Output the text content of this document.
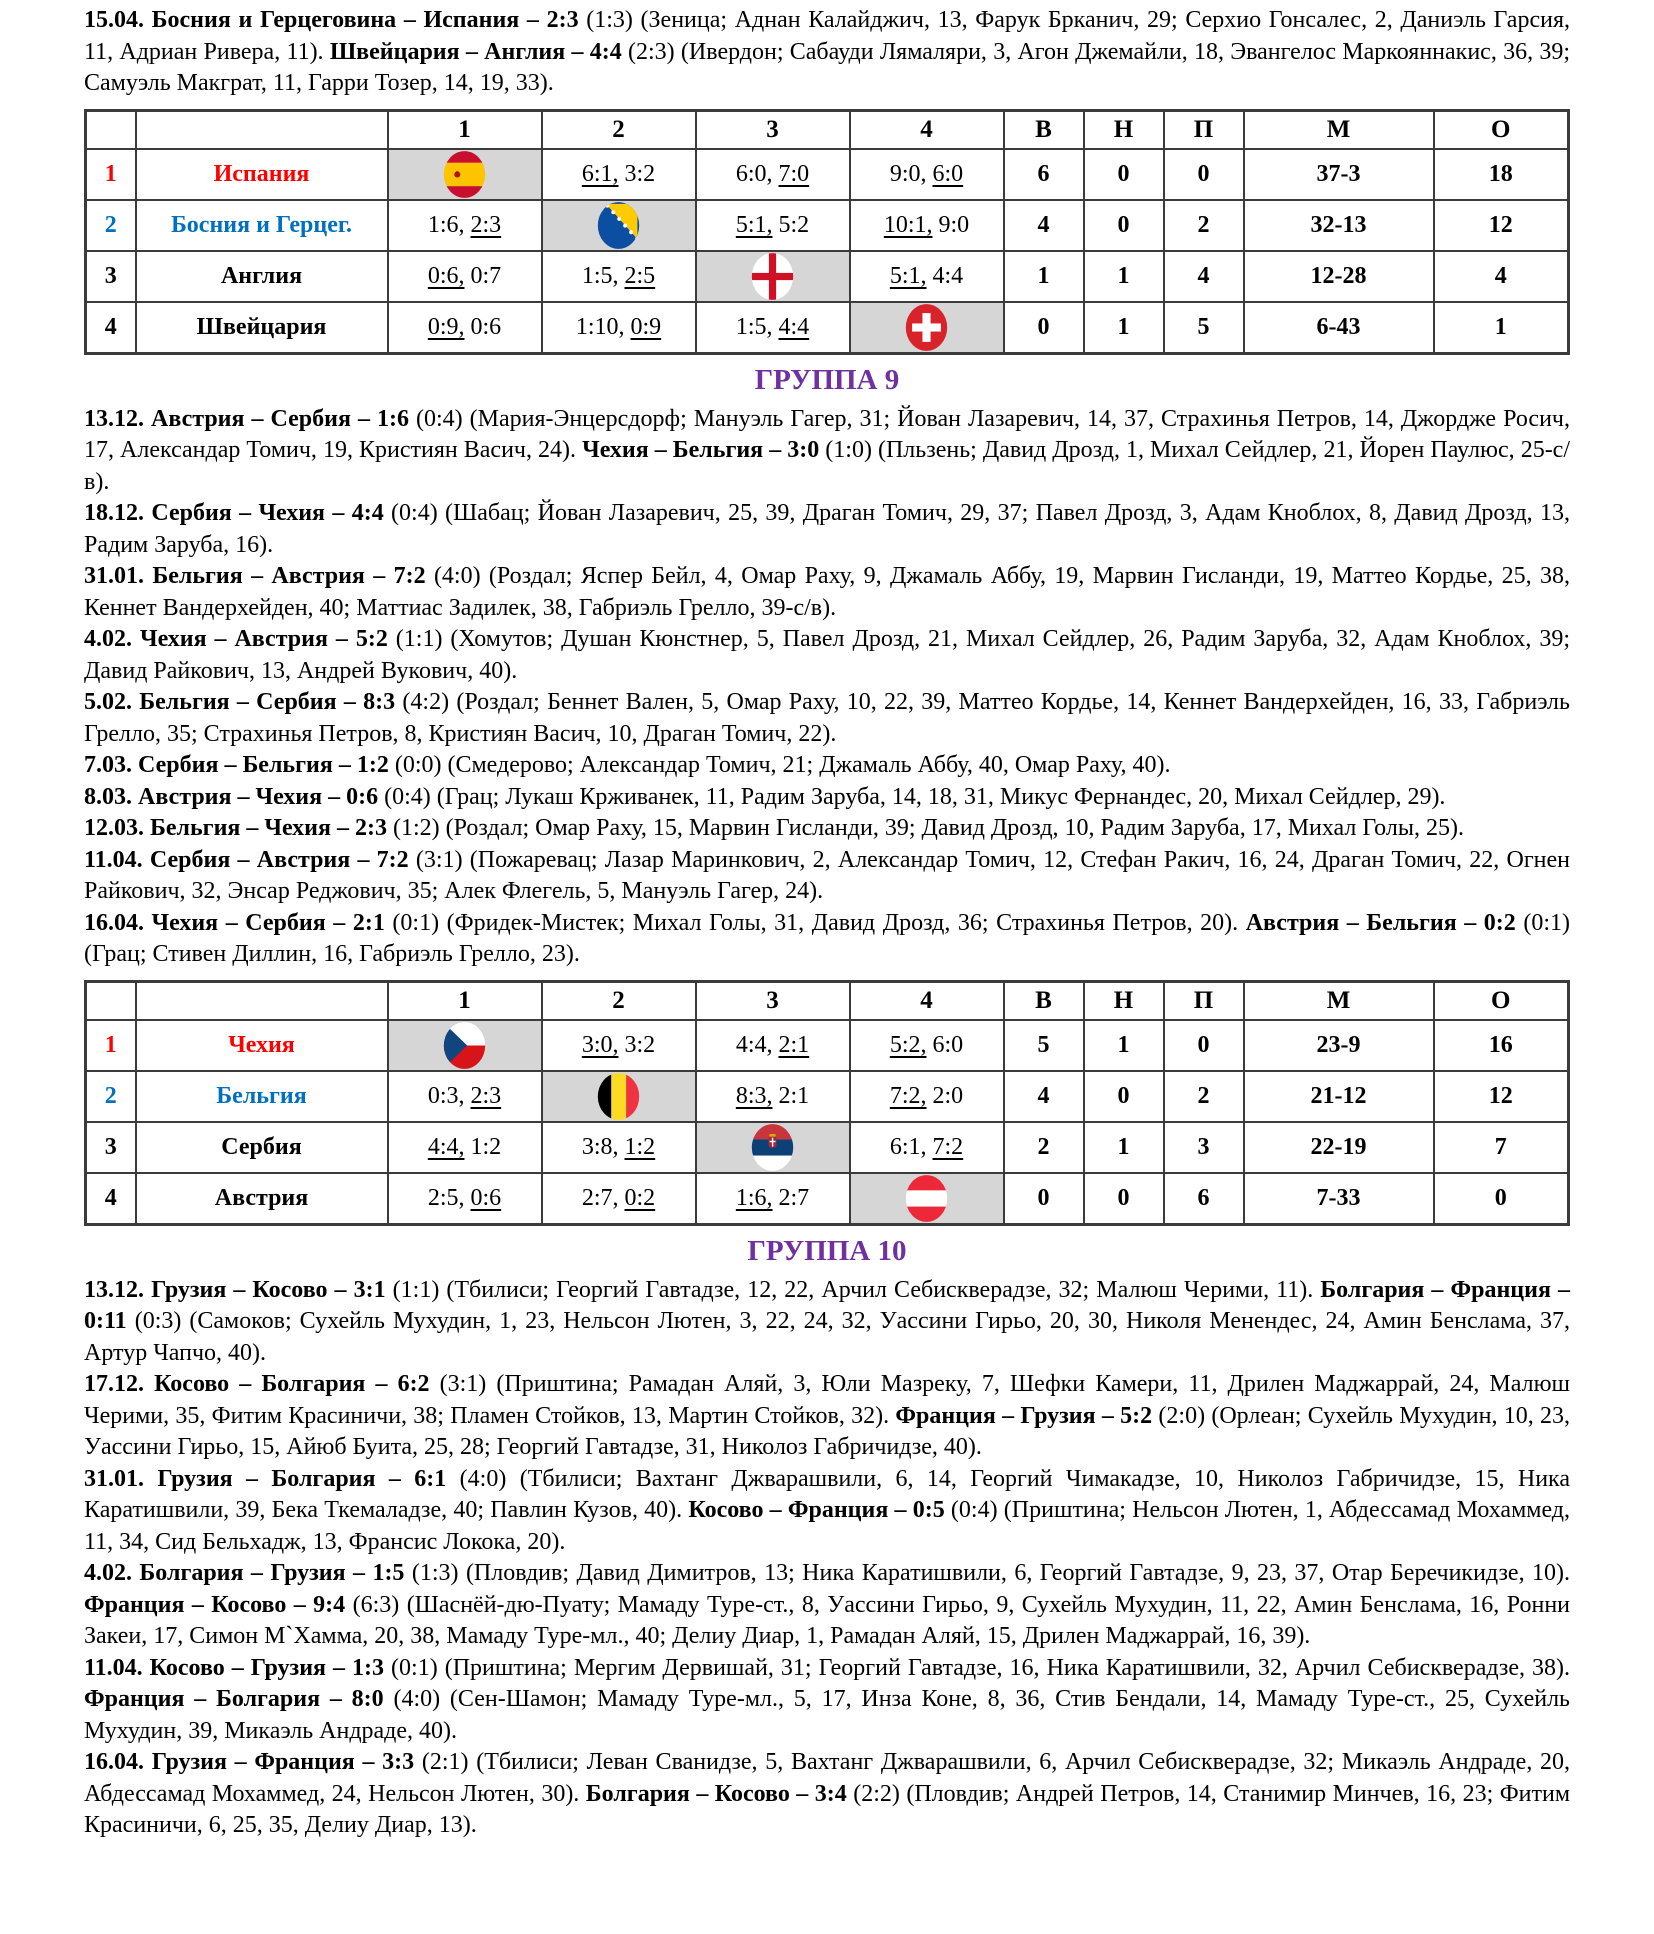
15.04. Босния и Герцеговина – Испания – 2:3 (1:3) (Зеница; Аднан Калайджич, 13, Фарук Брканич, 29; Серхио Гонсалес, 2, Даниэль Гарсия, 11, Адриан Ривера, 11). Швейцария – Англия – 4:4 (2:3) (Ивердон; Сабауди Лямаляри, 3, Агон Джемайли, 18, Эвангелос Маркояннакис, 36, 39; Самуэль Макграт, 11, Гарри Тозер, 14, 19, 33).

		1	2	3	4	В	Н	П	М	О
1	Испания		6:1, 3:2	6:0, 7:0	9:0, 6:0	6	0	0	37-3	18
2	Босния и Герцег.	1:6, 2:3		5:1, 5:2	10:1, 9:0	4	0	2	32-13	12
3	Англия	0:6, 0:7	1:5, 2:5		5:1, 4:4	1	1	4	12-28	4
4	Швейцария	0:9, 0:6	1:10, 0:9	1:5, 4:4		0	1	5	6-43	1
ГРУППА 9

13.12. Австрия – Сербия – 1:6 (0:4) (Мария-Энцерсдорф; Мануэль Гагер, 31; Йован Лазаревич, 14, 37, Страхинья Петров, 14, Джордже Росич, 17, Александар Томич, 19, Кристиян Васич, 24). Чехия – Бельгия – 3:0 (1:0) (Пльзень; Давид Дрозд, 1, Михал Сейдлер, 21, Йорен Паулюс, 25-с/в).

18.12. Сербия – Чехия – 4:4 (0:4) (Шабац; Йован Лазаревич, 25, 39, Драган Томич, 29, 37; Павел Дрозд, 3, Адам Кноблох, 8, Давид Дрозд, 13, Радим Заруба, 16).

31.01. Бельгия – Австрия – 7:2 (4:0) (Роздал; Яспер Бейл, 4, Омар Раху, 9, Джамаль Аббу, 19, Марвин Гисланди, 19, Маттео Кордье, 25, 38, Кеннет Вандерхейден, 40; Маттиас Задилек, 38, Габриэль Грелло, 39-с/в).

4.02. Чехия – Австрия – 5:2 (1:1) (Хомутов; Душан Кюнстнер, 5, Павел Дрозд, 21, Михал Сейдлер, 26, Радим Заруба, 32, Адам Кноблох, 39; Давид Райкович, 13, Андрей Вукович, 40).

5.02. Бельгия – Сербия – 8:3 (4:2) (Роздал; Беннет Вален, 5, Омар Раху, 10, 22, 39, Маттео Кордье, 14, Кеннет Вандерхейден, 16, 33, Габриэль Грелло, 35; Страхинья Петров, 8, Кристиян Васич, 10, Драган Томич, 22).

7.03. Сербия – Бельгия – 1:2 (0:0) (Смедерово; Александар Томич, 21; Джамаль Аббу, 40, Омар Раху, 40).

8.03. Австрия – Чехия – 0:6 (0:4) (Грац; Лукаш Крживанек, 11, Радим Заруба, 14, 18, 31, Микус Фернандес, 20, Михал Сейдлер, 29).

12.03. Бельгия – Чехия – 2:3 (1:2) (Роздал; Омар Раху, 15, Марвин Гисланди, 39; Давид Дрозд, 10, Радим Заруба, 17, Михал Голы, 25).

11.04. Сербия – Австрия – 7:2 (3:1) (Пожаревац; Лазар Маринкович, 2, Александар Томич, 12, Стефан Ракич, 16, 24, Драган Томич, 22, Огнен Райкович, 32, Энсар Реджович, 35; Алек Флегель, 5, Мануэль Гагер, 24).

16.04. Чехия – Сербия – 2:1 (0:1) (Фридек-Мистек; Михал Голы, 31, Давид Дрозд, 36; Страхинья Петров, 20). Австрия – Бельгия – 0:2 (0:1) (Грац; Стивен Диллин, 16, Габриэль Грелло, 23).

		1	2	3	4	В	Н	П	М	О
1	Чехия		3:0, 3:2	4:4, 2:1	5:2, 6:0	5	1	0	23-9	16
2	Бельгия	0:3, 2:3		8:3, 2:1	7:2, 2:0	4	0	2	21-12	12
3	Сербия	4:4, 1:2	3:8, 1:2		6:1, 7:2	2	1	3	22-19	7
4	Австрия	2:5, 0:6	2:7, 0:2	1:6, 2:7		0	0	6	7-33	0
ГРУППА 10

13.12. Грузия – Косово – 3:1 (1:1) (Тбилиси; Георгий Гавтадзе, 12, 22, Арчил Себискверадзе, 32; Малюш Черими, 11). Болгария – Франция – 0:11 (0:3) (Самоков; Сухейль Мухудин, 1, 23, Нельсон Лютен, 3, 22, 24, 32, Уассини Гирьо, 20, 30, Николя Менендес, 24, Амин Бенслама, 37, Артур Чапчо, 40).

17.12. Косово – Болгария – 6:2 (3:1) (Приштина; Рамадан Аляй, 3, Юли Мазреку, 7, Шефки Камери, 11, Дрилен Маджаррай, 24, Малюш Черими, 35, Фитим Красиничи, 38; Пламен Стойков, 13, Мартин Стойков, 32). Франция – Грузия – 5:2 (2:0) (Орлеан; Сухейль Мухудин, 10, 23, Уассини Гирьо, 15, Айюб Буита, 25, 28; Георгий Гавтадзе, 31, Николоз Габричидзе, 40).

31.01. Грузия – Болгария – 6:1 (4:0) (Тбилиси; Вахтанг Джварашвили, 6, 14, Георгий Чимакадзе, 10, Николоз Габричидзе, 15, Ника Каратишвили, 39, Бека Ткемаладзе, 40; Павлин Кузов, 40). Косово – Франция – 0:5 (0:4) (Приштина; Нельсон Лютен, 1, Абдессамад Мохаммед, 11, 34, Сид Бельхадж, 13, Франсис Локока, 20).

4.02. Болгария – Грузия – 1:5 (1:3) (Пловдив; Давид Димитров, 13; Ника Каратишвили, 6, Георгий Гавтадзе, 9, 23, 37, Отар Беречикидзе, 10). Франция – Косово – 9:4 (6:3) (Шаснёй-дю-Пуату; Мамаду Туре-ст., 8, Уассини Гирьо, 9, Сухейль Мухудин, 11, 22, Амин Бенслама, 16, Ронни Закеи, 17, Симон М`Хамма, 20, 38, Мамаду Туре-мл., 40; Делиу Диар, 1, Рамадан Аляй, 15, Дрилен Маджаррай, 16, 39).

11.04. Косово – Грузия – 1:3 (0:1) (Приштина; Мергим Дервишай, 31; Георгий Гавтадзе, 16, Ника Каратишвили, 32, Арчил Себискверадзе, 38). Франция – Болгария – 8:0 (4:0) (Сен-Шамон; Мамаду Туре-мл., 5, 17, Инза Коне, 8, 36, Стив Бендали, 14, Мамаду Туре-ст., 25, Сухейль Мухудин, 39, Микаэль Андраде, 40).

16.04. Грузия – Франция – 3:3 (2:1) (Тбилиси; Леван Сванидзе, 5, Вахтанг Джварашвили, 6, Арчил Себискверадзе, 32; Микаэль Андраде, 20, Абдессамад Мохаммед, 24, Нельсон Лютен, 30). Болгария – Косово – 3:4 (2:2) (Пловдив; Андрей Петров, 14, Станимир Минчев, 16, 23; Фитим Красиничи, 6, 25, 35, Делиу Диар, 13).
